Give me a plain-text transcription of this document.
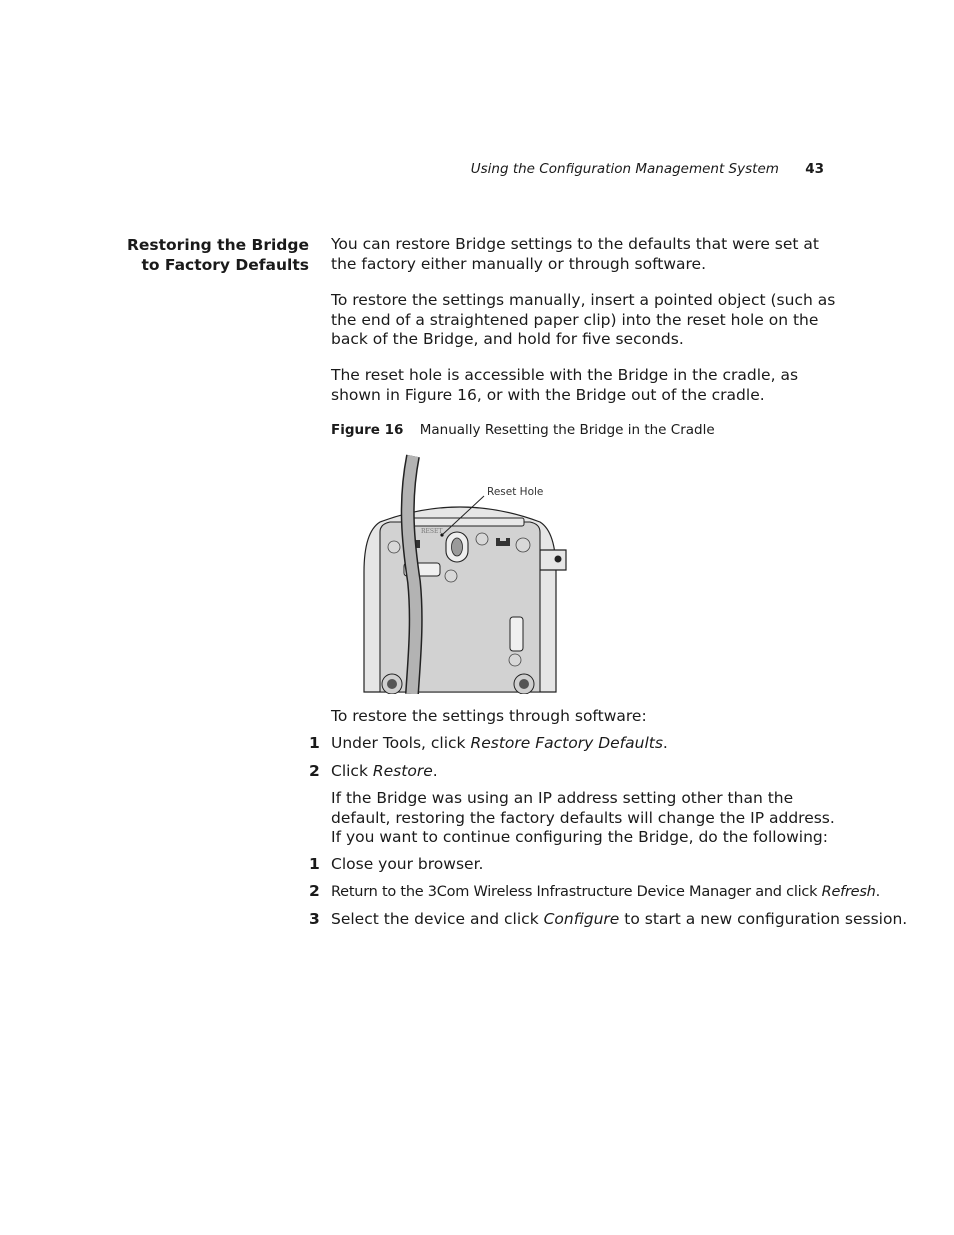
Using the Configuration Management System 43
Restoring the Bridge
to Factory Defaults

You can restore Bridge settings to the defaults that were set at the factory either manually or through software.

To restore the settings manually, insert a pointed object (such as the end of a straightened paper clip) into the reset hole on the back of the Bridge, and hold for five seconds.

The reset hole is accessible with the Bridge in the cradle, as shown in Figure 16, or with the Bridge out of the cradle.

Figure 16 Manually Resetting the Bridge in the Cradle
Reset Hole
RESET

To restore the settings through software:

1 Under Tools, click Restore Factory Defaults.
2 Click Restore.

If the Bridge was using an IP address setting other than the default, restoring the factory defaults will change the IP address. If you want to continue configuring the Bridge, do the following:

1 Close your browser.
2 Return to the 3Com Wireless Infrastructure Device Manager and click Refresh.
3 Select the device and click Configure to start a new configuration session.
